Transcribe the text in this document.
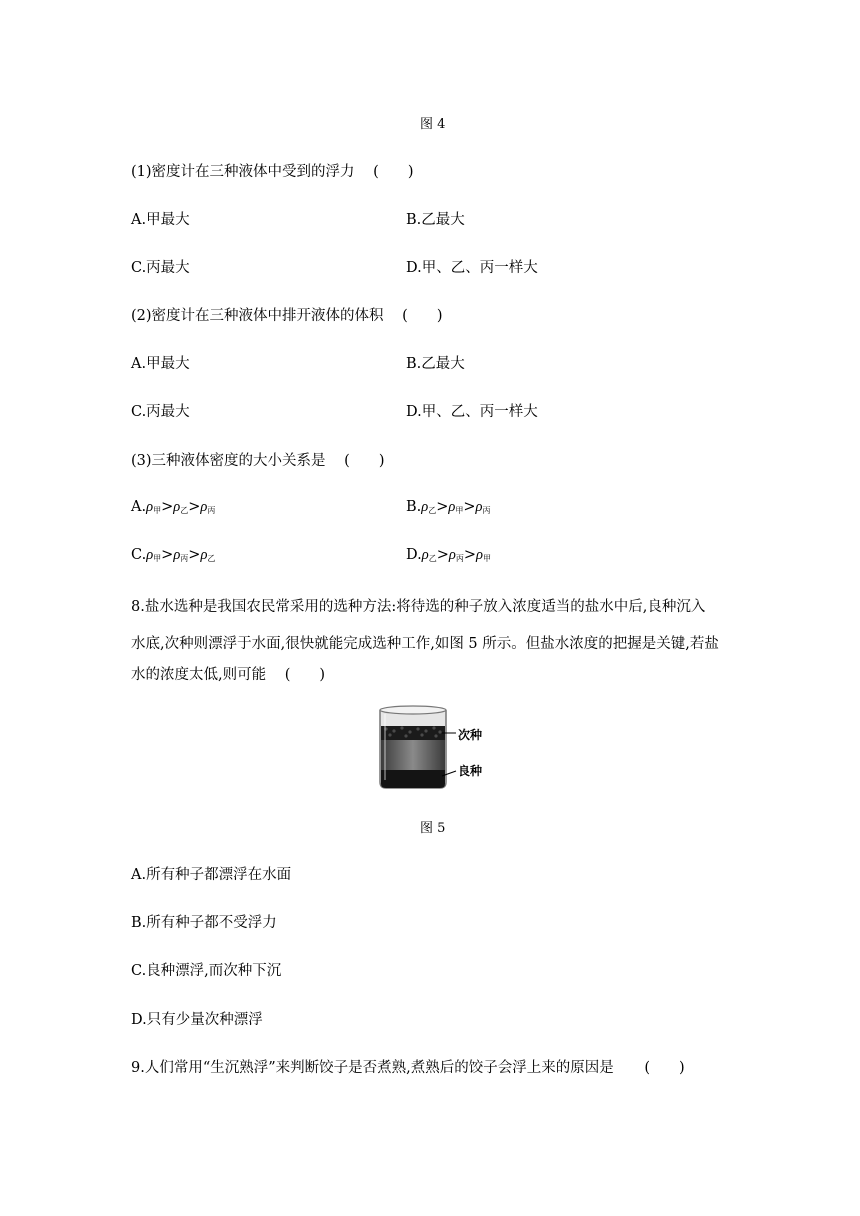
图 4
(1)密度计在三种液体中受到的浮力 (　　)
A.甲最大	B.乙最大
C.丙最大	D.甲、乙、丙一样大
(2)密度计在三种液体中排开液体的体积 (　　)
A.甲最大	B.乙最大
C.丙最大	D.甲、乙、丙一样大
(3)三种液体密度的大小关系是 (　　)
$A.\rho_甲>\rho_乙>\rho_丙$	$B.\rho_乙>\rho_甲>\rho_丙$
$C.\rho_甲>\rho_丙>\rho_乙$	$D.\rho_乙>\rho_丙>\rho_甲$
8.盐水选种是我国农民常采用的选种方法:将待选的种子放入浓度适当的盐水中后,良种沉入
水底,次种则漂浮于水面,很快就能完成选种工作,如图 5 所示。但盐水浓度的把握是关键,若盐
水的浓度太低,则可能 (　　)
次种
良种
图 5
A.所有种子都漂浮在水面
B.所有种子都不受浮力
C.良种漂浮,而次种下沉
D.只有少量次种漂浮
9.人们常用“生沉熟浮”来判断饺子是否煮熟,煮熟后的饺子会浮上来的原因是 (　　)
